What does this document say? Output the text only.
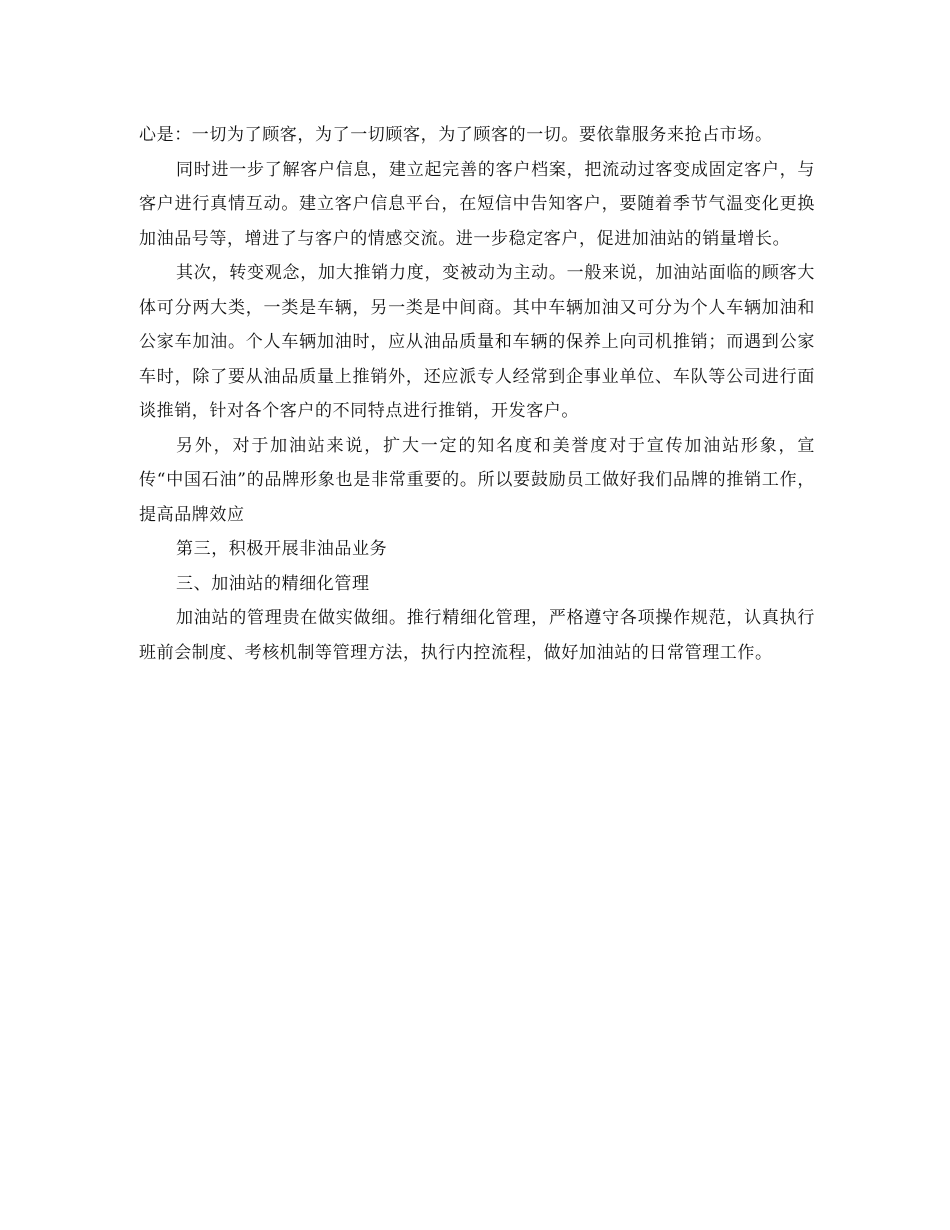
心是：一切为了顾客，为了一切顾客，为了顾客的一切。要依靠服务来抢占市场。

同时进一步了解客户信息，建立起完善的客户档案，把流动过客变成固定客户，与客户进行真情互动。建立客户信息平台，在短信中告知客户，要随着季节气温变化更换加油品号等，增进了与客户的情感交流。进一步稳定客户，促进加油站的销量增长。

其次，转变观念，加大推销力度，变被动为主动。一般来说，加油站面临的顾客大体可分两大类，一类是车辆，另一类是中间商。其中车辆加油又可分为个人车辆加油和公家车加油。个人车辆加油时，应从油品质量和车辆的保养上向司机推销；而遇到公家车时，除了要从油品质量上推销外，还应派专人经常到企事业单位、车队等公司进行面谈推销，针对各个客户的不同特点进行推销，开发客户。

另外，对于加油站来说，扩大一定的知名度和美誉度对于宣传加油站形象，宣传“中国石油”的品牌形象也是非常重要的。所以要鼓励员工做好我们品牌的推销工作，提高品牌效应

第三，积极开展非油品业务

三、加油站的精细化管理

加油站的管理贵在做实做细。推行精细化管理，严格遵守各项操作规范，认真执行班前会制度、考核机制等管理方法，执行内控流程，做好加油站的日常管理工作。
